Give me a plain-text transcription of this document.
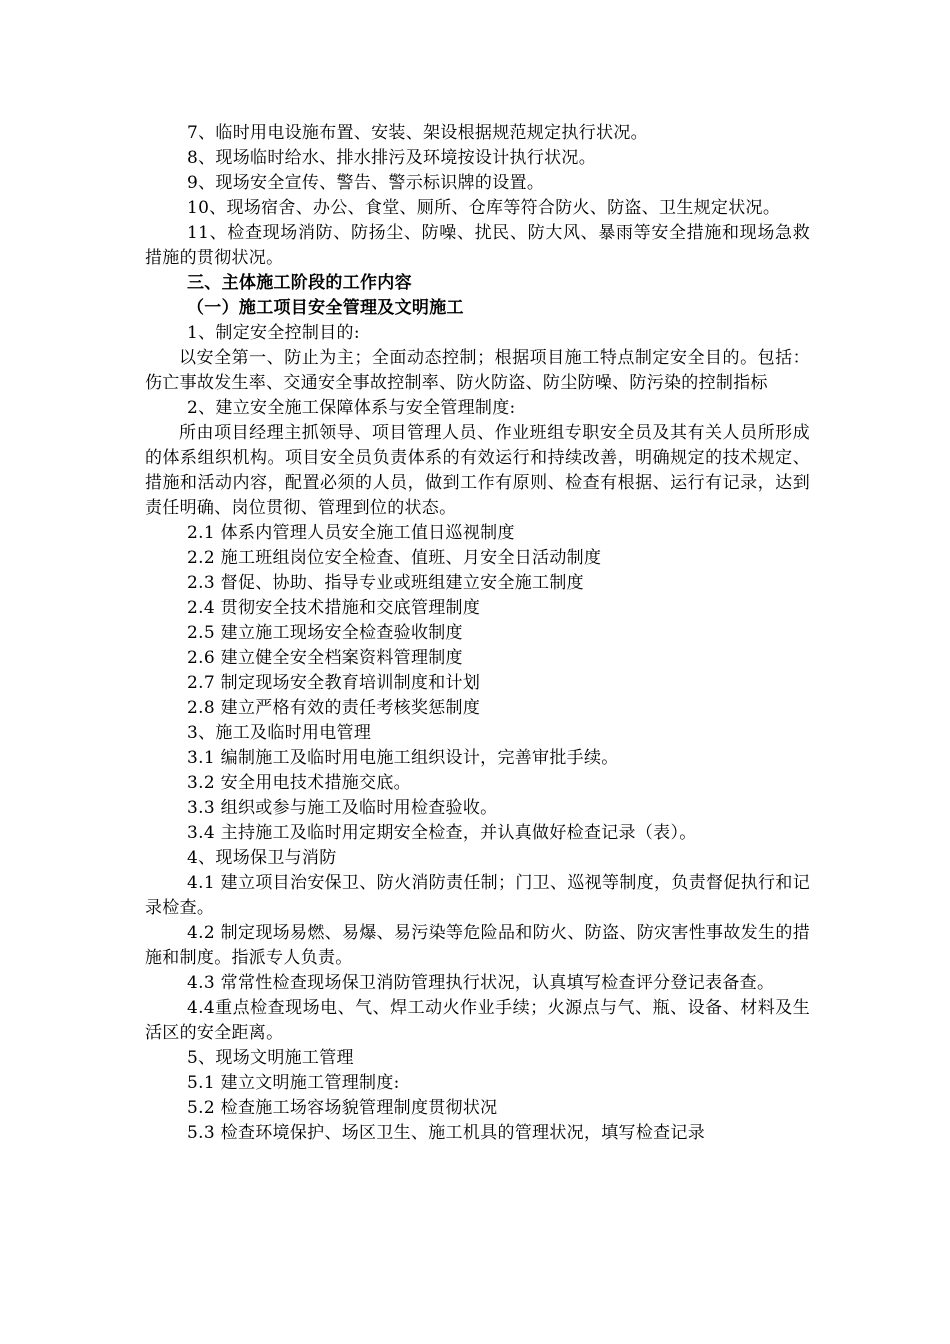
7、临时用电设施布置、安装、架设根据规范规定执行状况。

8、现场临时给水、排水排污及环境按设计执行状况。

9、现场安全宣传、警告、警示标识牌的设置。

10、现场宿舍、办公、食堂、厕所、仓库等符合防火、防盗、卫生规定状况。

11、检查现场消防、防扬尘、防噪、扰民、防大风、暴雨等安全措施和现场急救措施的贯彻状况。

三、主体施工阶段的工作内容

（一）施工项目安全管理及文明施工

1、制定安全控制目的:

以安全第一、防止为主；全面动态控制；根据项目施工特点制定安全目的。包括：伤亡事故发生率、交通安全事故控制率、防火防盗、防尘防噪、防污染的控制指标

2、建立安全施工保障体系与安全管理制度:

所由项目经理主抓领导、项目管理人员、作业班组专职安全员及其有关人员所形成的体系组织机构。项目安全员负责体系的有效运行和持续改善，明确规定的技术规定、措施和活动内容，配置必须的人员，做到工作有原则、检查有根据、运行有记录，达到责任明确、岗位贯彻、管理到位的状态。

2.1 体系内管理人员安全施工值日巡视制度

2.2 施工班组岗位安全检查、值班、月安全日活动制度

2.3 督促、协助、指导专业或班组建立安全施工制度

2.4 贯彻安全技术措施和交底管理制度

2.5 建立施工现场安全检查验收制度

2.6 建立健全安全档案资料管理制度

2.7 制定现场安全教育培训制度和计划

2.8 建立严格有效的责任考核奖惩制度

3、施工及临时用电管理

3.1 编制施工及临时用电施工组织设计，完善审批手续。

3.2 安全用电技术措施交底。

3.3 组织或参与施工及临时用检查验收。

3.4 主持施工及临时用定期安全检查，并认真做好检查记录（表）。

4、现场保卫与消防

4.1 建立项目治安保卫、防火消防责任制；门卫、巡视等制度，负责督促执行和记录检查。

4.2 制定现场易燃、易爆、易污染等危险品和防火、防盗、防灾害性事故发生的措施和制度。指派专人负责。

4.3 常常性检查现场保卫消防管理执行状况，认真填写检查评分登记表备查。

4.4重点检查现场电、气、焊工动火作业手续；火源点与气、瓶、设备、材料及生活区的安全距离。

5、现场文明施工管理

5.1 建立文明施工管理制度:

5.2 检查施工场容场貌管理制度贯彻状况

5.3 检查环境保护、场区卫生、施工机具的管理状况，填写检查记录
